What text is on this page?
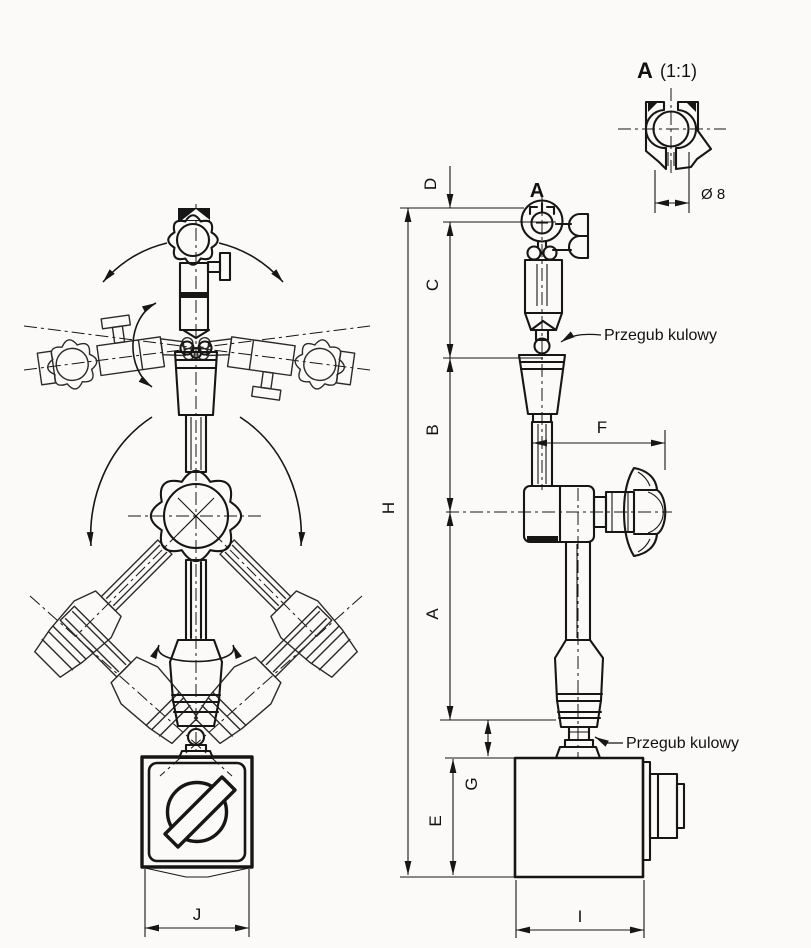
J
A
Przegub kulowy
Przegub kulowy
H
D
C
B
A
G
E
F
I
A (1:1)
Ø 8
